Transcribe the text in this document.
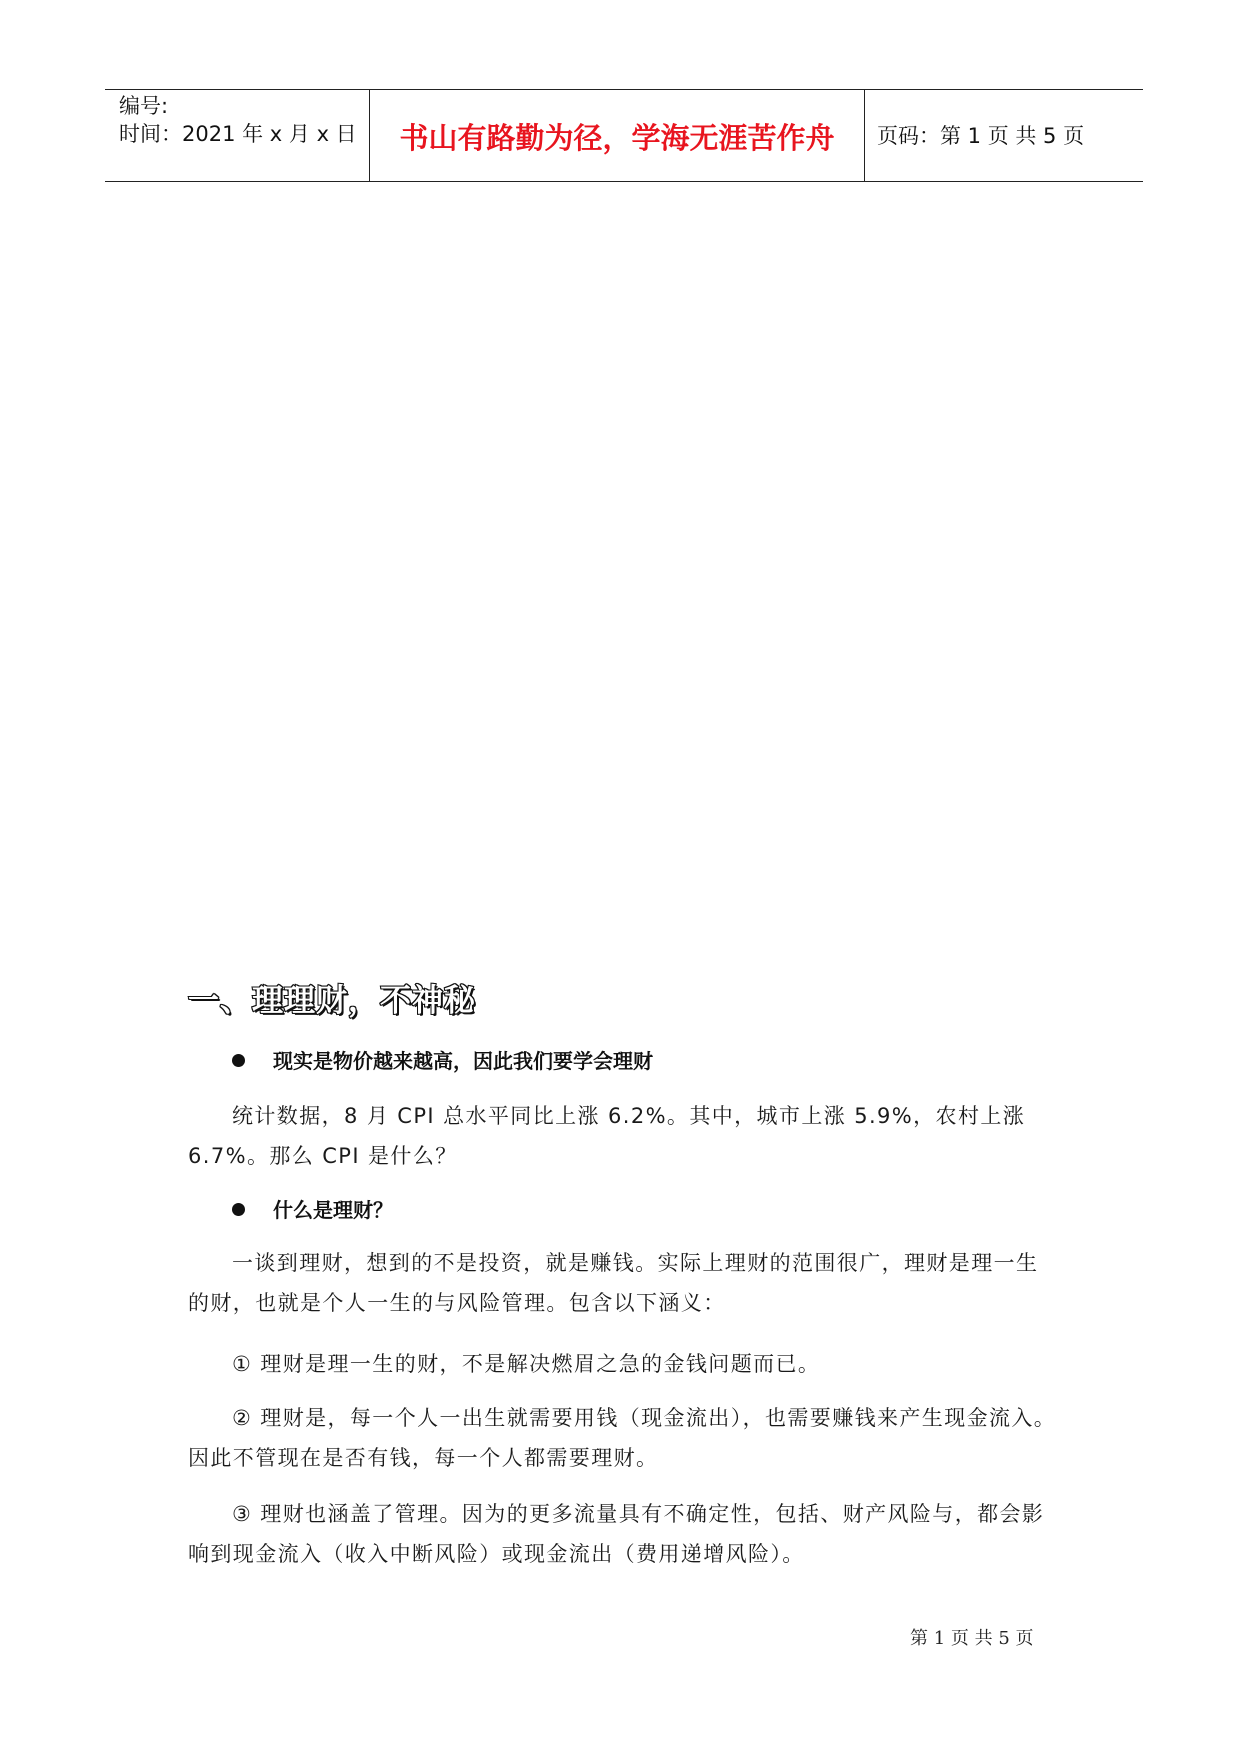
编号:
时间：2021 年 x 月 x 日	书山有路勤为径，学海无涯苦作舟	页码：第 1 页 共 5 页
一、理理财，不神秘
现实是物价越来越高，因此我们要学会理财
统计数据，8 月 CPI 总水平同比上涨 6.2%。其中，城市上涨 5.9%，农村上涨 6.7%。那么 CPI 是什么？
什么是理财？
一谈到理财，想到的不是投资，就是赚钱。实际上理财的范围很广，理财是理一生的财，也就是个人一生的与风险管理。包含以下涵义：
① 理财是理一生的财，不是解决燃眉之急的金钱问题而已。
② 理财是，每一个人一出生就需要用钱（现金流出），也需要赚钱来产生现金流入。因此不管现在是否有钱，每一个人都需要理财。
③ 理财也涵盖了管理。因为的更多流量具有不确定性，包括、财产风险与，都会影响到现金流入（收入中断风险）或现金流出（费用递增风险）。
第 1 页 共 5 页
